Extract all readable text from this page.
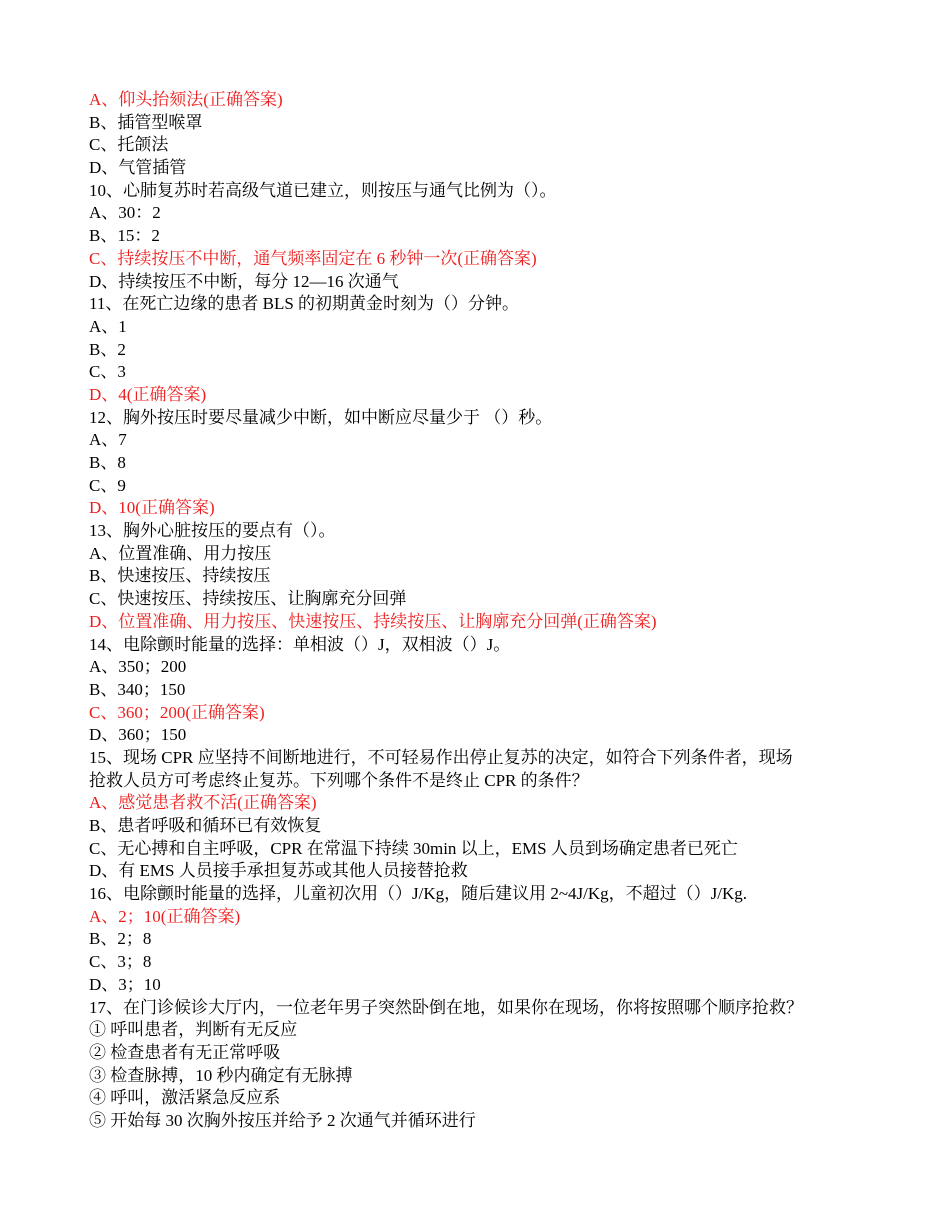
A、仰头抬颏法(正确答案)
B、插管型喉罩
C、托颌法
D、气管插管
10、心肺复苏时若高级气道已建立，则按压与通气比例为（）。
A、30：2
B、15：2
C、持续按压不中断，通气频率固定在 6 秒钟一次(正确答案)
D、持续按压不中断，每分 12—16 次通气
11、在死亡边缘的患者 BLS 的初期黄金时刻为（）分钟。
A、1
B、2
C、3
D、4(正确答案)
12、胸外按压时要尽量减少中断，如中断应尽量少于 （）秒。
A、7
B、8
C、9
D、10(正确答案)
13、胸外心脏按压的要点有（）。
A、位置准确、用力按压
B、快速按压、持续按压
C、快速按压、持续按压、让胸廓充分回弹
D、位置准确、用力按压、快速按压、持续按压、让胸廓充分回弹(正确答案)
14、电除颤时能量的选择：单相波（）J，双相波（）J。
A、350；200
B、340；150
C、360；200(正确答案)
D、360；150
15、现场 CPR 应坚持不间断地进行，不可轻易作出停止复苏的决定，如符合下列条件者，现场
抢救人员方可考虑终止复苏。下列哪个条件不是终止 CPR 的条件？
A、感觉患者救不活(正确答案)
B、患者呼吸和循环已有效恢复
C、无心搏和自主呼吸，CPR 在常温下持续 30min 以上，EMS 人员到场确定患者已死亡
D、有 EMS 人员接手承担复苏或其他人员接替抢救
16、电除颤时能量的选择，儿童初次用（）J/Kg，随后建议用 2~4J/Kg，不超过（）J/Kg.
A、2；10(正确答案)
B、2；8
C、3；8
D、3；10
17、在门诊候诊大厅内，一位老年男子突然卧倒在地，如果你在现场，你将按照哪个顺序抢救？
① 呼叫患者，判断有无反应
② 检查患者有无正常呼吸
③ 检查脉搏，10 秒内确定有无脉搏
④ 呼叫，激活紧急反应系
⑤ 开始每 30 次胸外按压并给予 2 次通气并循环进行
